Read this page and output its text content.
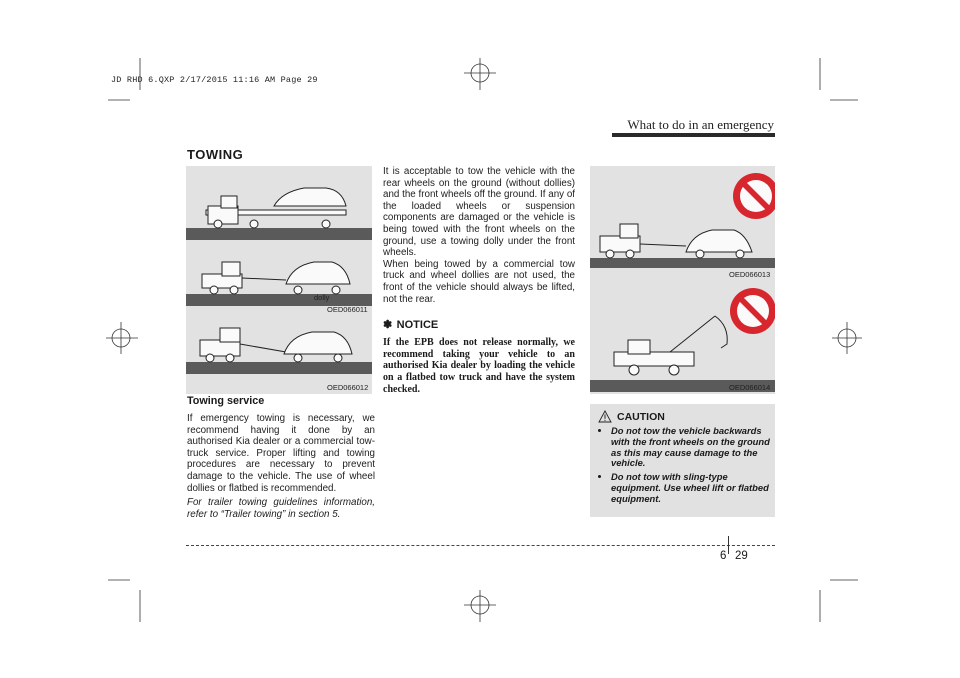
JD RHD 6.QXP 2/17/2015 11:16 AM Page 29
What to do in an emergency
TOWING
dolly
OED066011
OED066012
Towing service
If emergency towing is necessary, we recommend having it done by an authorised Kia dealer or a commercial tow-truck service. Proper lifting and towing procedures are necessary to prevent damage to the vehicle. The use of wheel dollies or flatbed is recommended.
For trailer towing guidelines information, refer to “Trailer towing” in section 5.
It is acceptable to tow the vehicle with the rear wheels on the ground (without dollies) and the front wheels off the ground. If any of the loaded wheels or suspension components are damaged or the vehicle is being towed with the front wheels on the ground, use a towing dolly under the front wheels.
When being towed by a commercial tow truck and wheel dollies are not used, the front of the vehicle should always be lifted, not the rear.
✽ NOTICE
If the EPB does not release normally, we recommend taking your vehicle to an authorised Kia dealer by loading the vehicle on a flatbed tow truck and have the system checked.
OED066013
OED066014
CAUTION
• Do not tow the vehicle backwards with the front wheels on the ground as this may cause damage to the vehicle.
• Do not tow with sling-type equipment. Use wheel lift or flatbed equipment.
6 29
